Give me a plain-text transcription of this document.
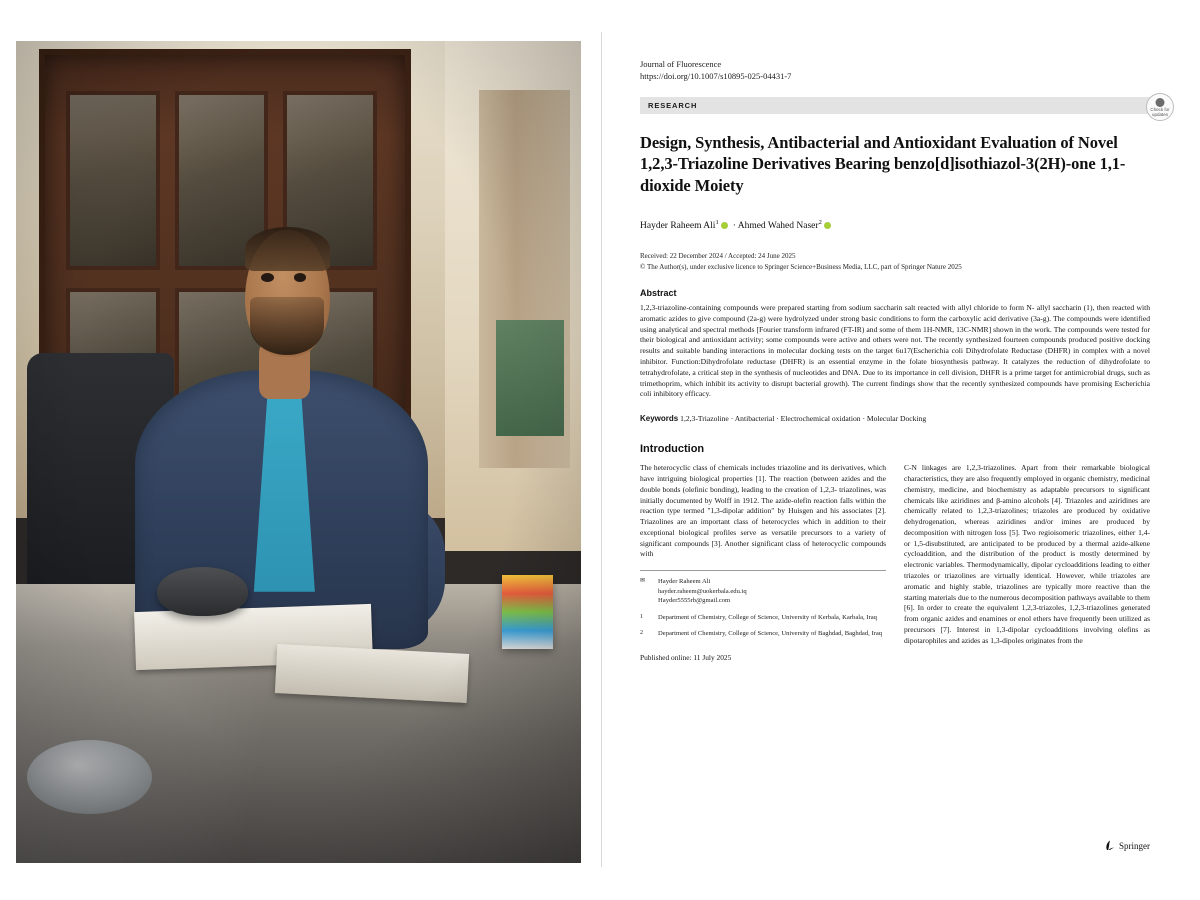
Journal of Fluorescence
https://doi.org/10.1007/s10895-025-04431-7
RESEARCH	Check for updates
Design, Synthesis, Antibacterial and Antioxidant Evaluation of Novel 1,2,3-Triazoline Derivatives Bearing benzo[d]isothiazol-3(2H)-one 1,1-dioxide Moiety
Hayder Raheem Ali$^1$ · Ahmed Wahed Naser$^2$
Received: 22 December 2024 / Accepted: 24 June 2025
© The Author(s), under exclusive licence to Springer Science+Business Media, LLC, part of Springer Nature 2025
Abstract
1,2,3-triazoline-containing compounds were prepared starting from sodium saccharin salt reacted with allyl chloride to form N- allyl saccharin (1), then reacted with aromatic azides to give compound (2a-g) were hydrolyzed under strong basic conditions to form the carboxylic acid derivative (3a-g). The compounds were identified using analytical and spectral methods [Fourier transform infrared (FT-IR) and some of them 1H-NMR, 13C-NMR] shown in the work. The compounds were tested for their biological and antioxidant activity; some compounds were active and others were not. The recently synthesized fourteen compounds produced positive docking results and suitable banding interactions in molecular docking tests on the target 6u17(Escherichia coli Dihydrofolate Reductase (DHFR) in complex with a novel inhibitor. Function:Dihydrofolate reductase (DHFR) is an essential enzyme in the folate biosynthesis pathway. It catalyzes the reduction of dihydrofolate to tetrahydrofolate, a critical step in the synthesis of nucleotides and DNA. Due to its importance in cell division, DHFR is a prime target for antimicrobial drugs, such as trimethoprim, which inhibit its activity to disrupt bacterial growth). The current findings show that the recently synthesized compounds have promising Escherichia coli inhibitory efficacy.
Keywords 1,2,3-Triazoline · Antibacterial · Electrochemical oxidation · Molecular Docking
Introduction

The heterocyclic class of chemicals includes triazoline and its derivatives, which have intriguing biological properties [1]. The reaction (between azides and the double bonds (olefinic bonding), leading to the creation of 1,2,3- triazolines, was initially documented by Wolff in 1912. The azide-olefin reaction falls within the reaction type termed "1,3-dipolar addition" by Huisgen and his associates [2]. Triazolines are an important class of heterocycles which in addition to their exceptional biological profiles serve as versatile precursors to a variety of significant compounds [3]. Another significant class of heterocyclic compounds with

✉	Hayder Raheem Ali
hayder.raheem@uokerbala.edu.iq
Hayder5555rb@gmail.com
1	Department of Chemistry, College of Science, University of Kerbala, Karbala, Iraq
2	Department of Chemistry, College of Science, University of Baghdad, Baghdad, Iraq
Published online: 11 July 2025

C-N linkages are 1,2,3-triazolines. Apart from their remarkable biological characteristics, they are also frequently employed in organic chemistry, medicinal chemistry, medicine, and biochemistry as adaptable precursors to significant chemicals like aziridines and β-amino alcohols [4]. Triazoles and aziridines are chemically related to 1,2,3-triazolines; triazoles are produced by oxidative dehydrogenation, whereas aziridines and/or imines are produced by decomposition with nitrogen loss [5]. Two regioisomeric triazolines, either 1,4- or 1,5-disubstituted, are anticipated to be produced by a thermal azide-alkene cycloaddition, and the distribution of the product is mostly determined by electronic variables. Thermodynamically, dipolar cycloadditions leading to either triazoles or triazolines are virtually identical. However, while triazoles are aromatic and highly stable, triazolines are typically more reactive than the starting materials due to the numerous decomposition pathways available to them [6]. In order to create the equivalent 1,2,3-triazoles, 1,2,3-triazolines generated from organic azides and enamines or enol ethers have frequently been utilized as precursors [7]. Interest in 1,3-dipolar cycloadditions involving olefins as dipotarophiles and azides as 1,3-dipoles originates from the

Springer
